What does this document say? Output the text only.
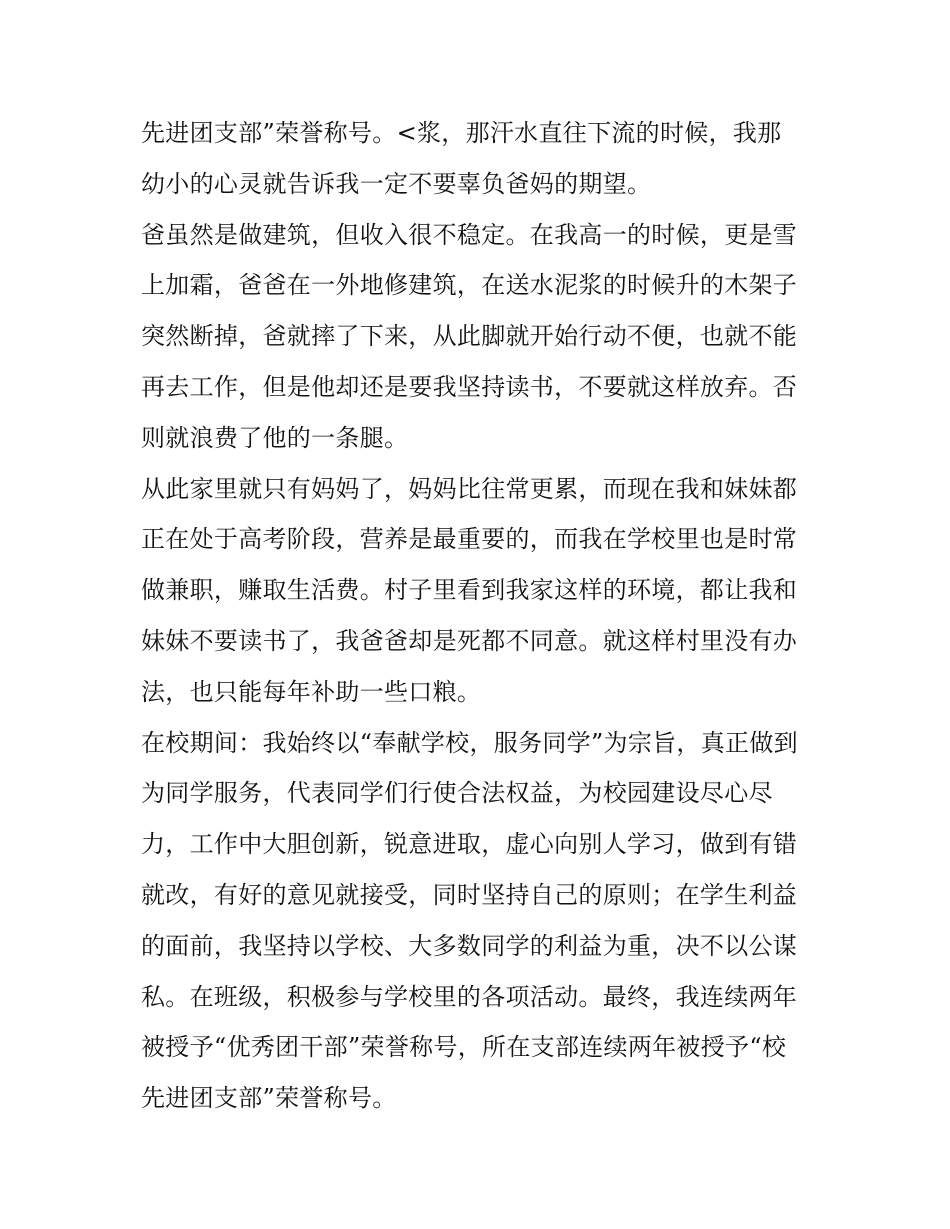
先进团支部”荣誉称号。<浆，那汗水直往下流的时候，我那
幼小的心灵就告诉我一定不要辜负爸妈的期望。
爸虽然是做建筑，但收入很不稳定。在我高一的时候，更是雪
上加霜，爸爸在一外地修建筑，在送水泥浆的时候升的木架子
突然断掉，爸就摔了下来，从此脚就开始行动不便，也就不能
再去工作，但是他却还是要我坚持读书，不要就这样放弃。否
则就浪费了他的一条腿。
从此家里就只有妈妈了，妈妈比往常更累，而现在我和妹妹都
正在处于高考阶段，营养是最重要的，而我在学校里也是时常
做兼职，赚取生活费。村子里看到我家这样的环境，都让我和
妹妹不要读书了，我爸爸却是死都不同意。就这样村里没有办
法，也只能每年补助一些口粮。
在校期间：我始终以“奉献学校，服务同学”为宗旨，真正做到
为同学服务，代表同学们行使合法权益，为校园建设尽心尽
力，工作中大胆创新，锐意进取，虚心向别人学习，做到有错
就改，有好的意见就接受，同时坚持自己的原则；在学生利益
的面前，我坚持以学校、大多数同学的利益为重，决不以公谋
私。在班级，积极参与学校里的各项活动。最终，我连续两年
被授予“优秀团干部”荣誉称号，所在支部连续两年被授予“校
先进团支部”荣誉称号。
